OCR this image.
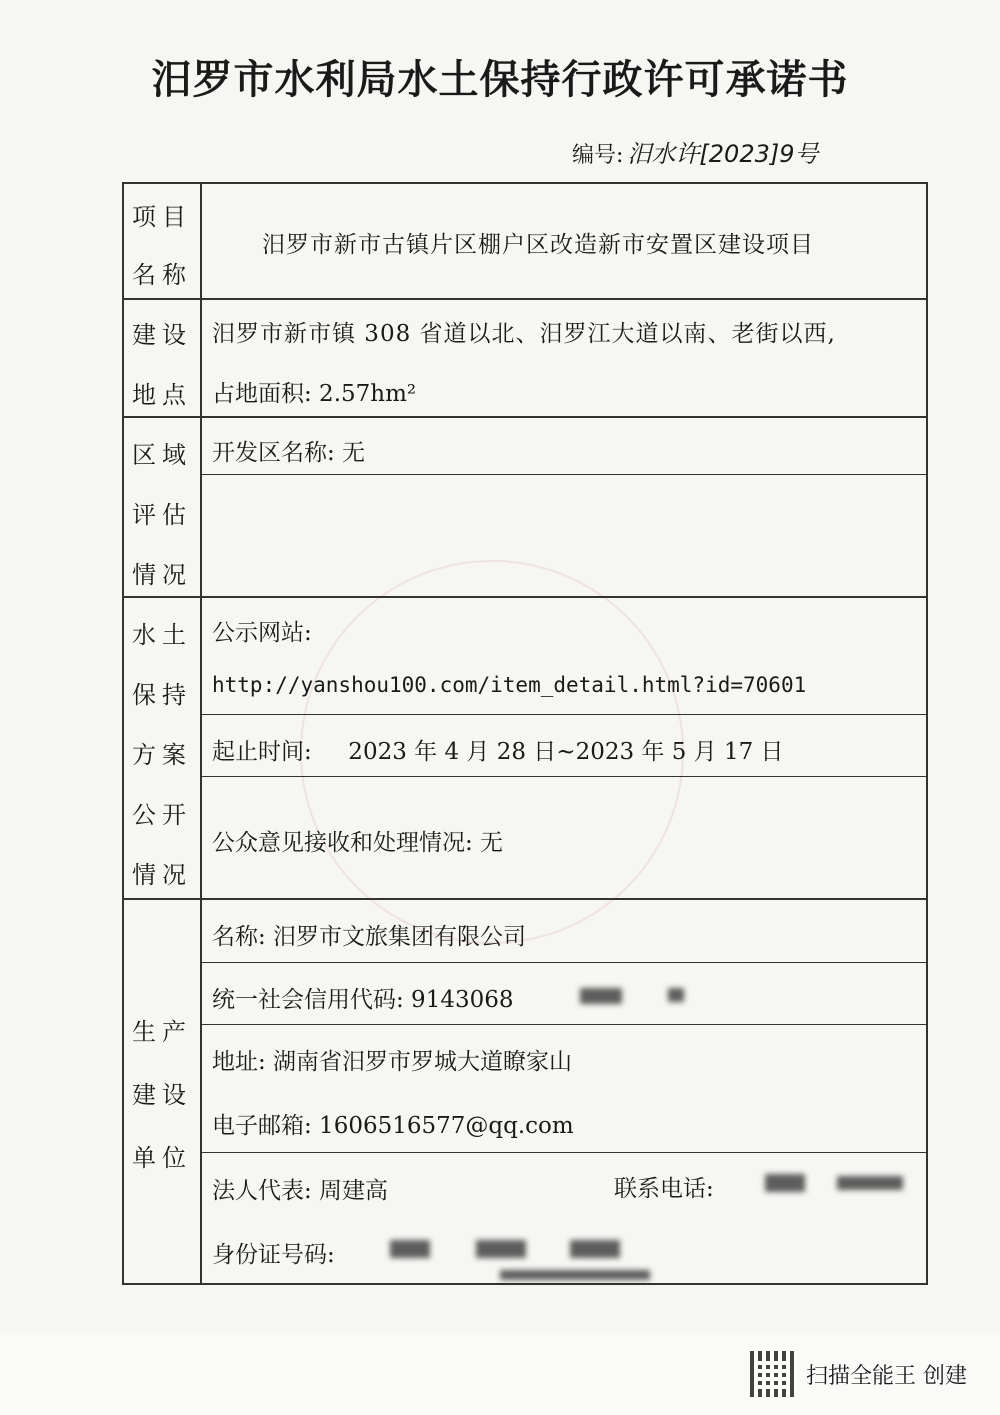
汨罗市水利局水土保持行政许可承诺书
编号: 汨水许[2023]9号
项目
名称
汨罗市新市古镇片区棚户区改造新市安置区建设项目
建设
地点
汨罗市新市镇 308 省道以北、汨罗江大道以南、老街以西,
占地面积: 2.57hm²
区域
评估
情况
开发区名称: 无
水土
保持
方案
公开
情况
公示网站:
http://yanshou100.com/item_detail.html?id=70601
起止时间:     2023 年 4 月 28 日~2023 年 5 月 17 日
公众意见接收和处理情况: 无
生产
建设
单位
名称: 汨罗市文旅集团有限公司
统一社会信用代码: 9143068
地址: 湖南省汨罗市罗城大道瞭家山
电子邮箱: 1606516577@qq.com
法人代表: 周建高	联系电话:
身份证号码:
扫描全能王 创建
